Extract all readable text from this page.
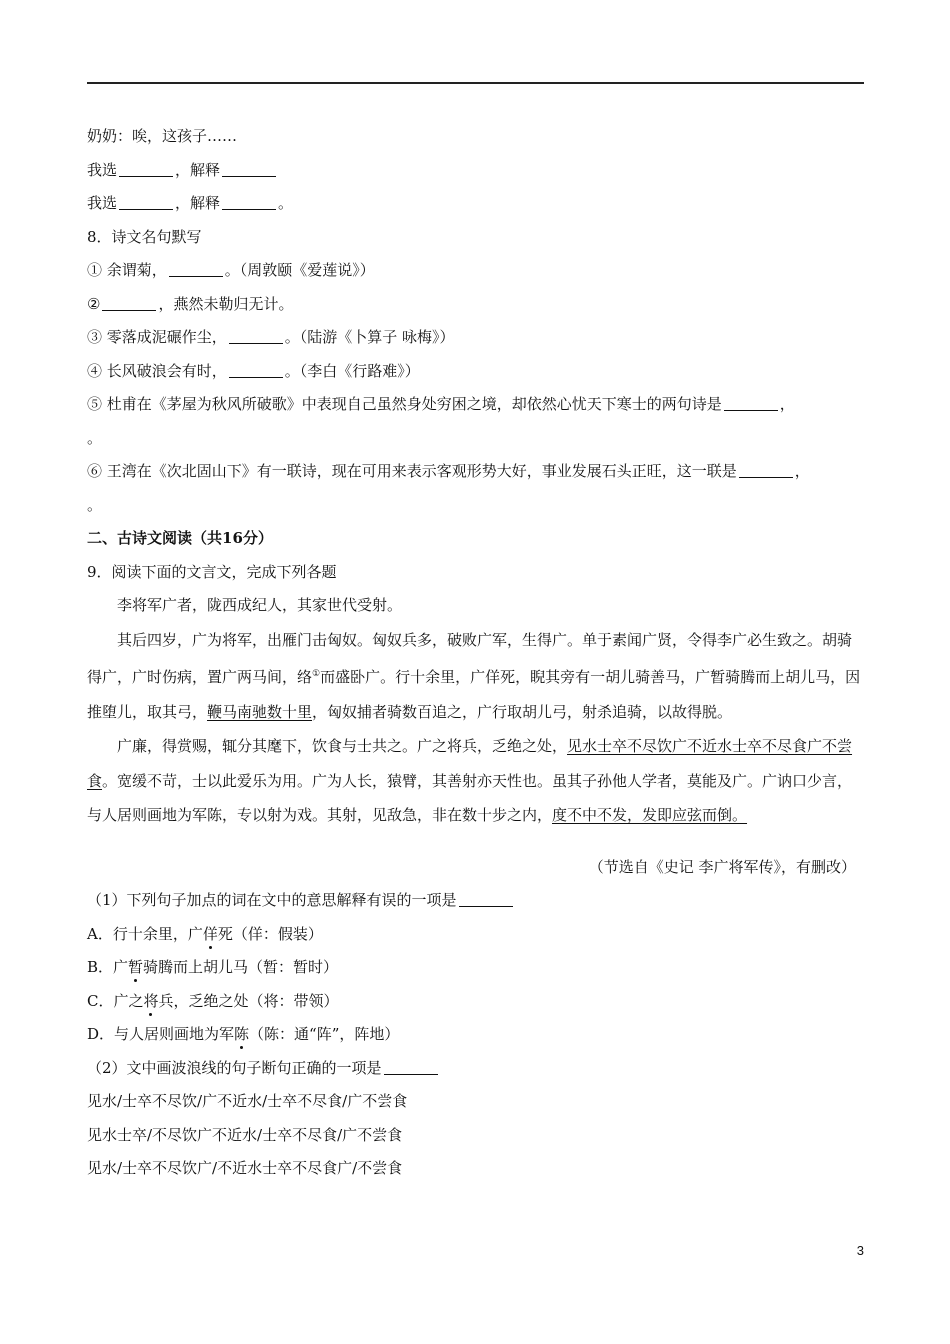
奶奶：唉，这孩子……
我选	，解释
我选	，解释	。
8．诗文名句默写
① 余谓菊，	。（周敦颐《爱莲说》）
②	，燕然未勒归无计。
③ 零落成泥碾作尘，	。（陆游《卜算子 咏梅》）
④ 长风破浪会有时，	。（李白《行路难》）
⑤ 杜甫在《茅屋为秋风所破歌》中表现自己虽然身处穷困之境，却依然心忧天下寒士的两句诗是	，
。
⑥ 王湾在《次北固山下》有一联诗，现在可用来表示客观形势大好，事业发展石头正旺，这一联是	，
。
二、古诗文阅读（共16分）
9．阅读下面的文言文，完成下列各题
李将军广者，陇西成纪人，其家世代受射。
其后四岁，广为将军，出雁门击匈奴。匈奴兵多，破败广军，生得广。单于素闻广贤，令得李广必生致之。胡骑得广，广时伤病，置广两马间，络①而盛卧广。行十余里，广佯死，睨其旁有一胡儿骑善马，广暂骑腾而上胡儿马，因推堕儿，取其弓，鞭马南驰数十里，匈奴捕者骑数百追之，广行取胡儿弓，射杀追骑，以故得脱。
广廉，得赏赐，辄分其麾下，饮食与士共之。广之将兵，乏绝之处，见水士卒不尽饮广不近水士卒不尽食广不尝食。宽缓不苛，士以此爱乐为用。广为人长，猿臂，其善射亦天性也。虽其子孙他人学者，莫能及广。广讷口少言，与人居则画地为军陈，专以射为戏。其射，见敌急，非在数十步之内，度不中不发，发即应弦而倒。
（节选自《史记 李广将军传》，有删改）
（1）下列句子加点的词在文中的意思解释有误的一项是
A．行十余里，广佯死（佯：假装）
B．广暂骑腾而上胡儿马（暂：暂时）
C．广之将兵，乏绝之处（将：带领）
D．与人居则画地为军陈（陈：通“阵”，阵地）
（2）文中画波浪线的句子断句正确的一项是
见水/士卒不尽饮/广不近水/士卒不尽食/广不尝食
见水士卒/不尽饮广不近水/士卒不尽食/广不尝食
见水/士卒不尽饮广/不近水士卒不尽食广/不尝食
3
